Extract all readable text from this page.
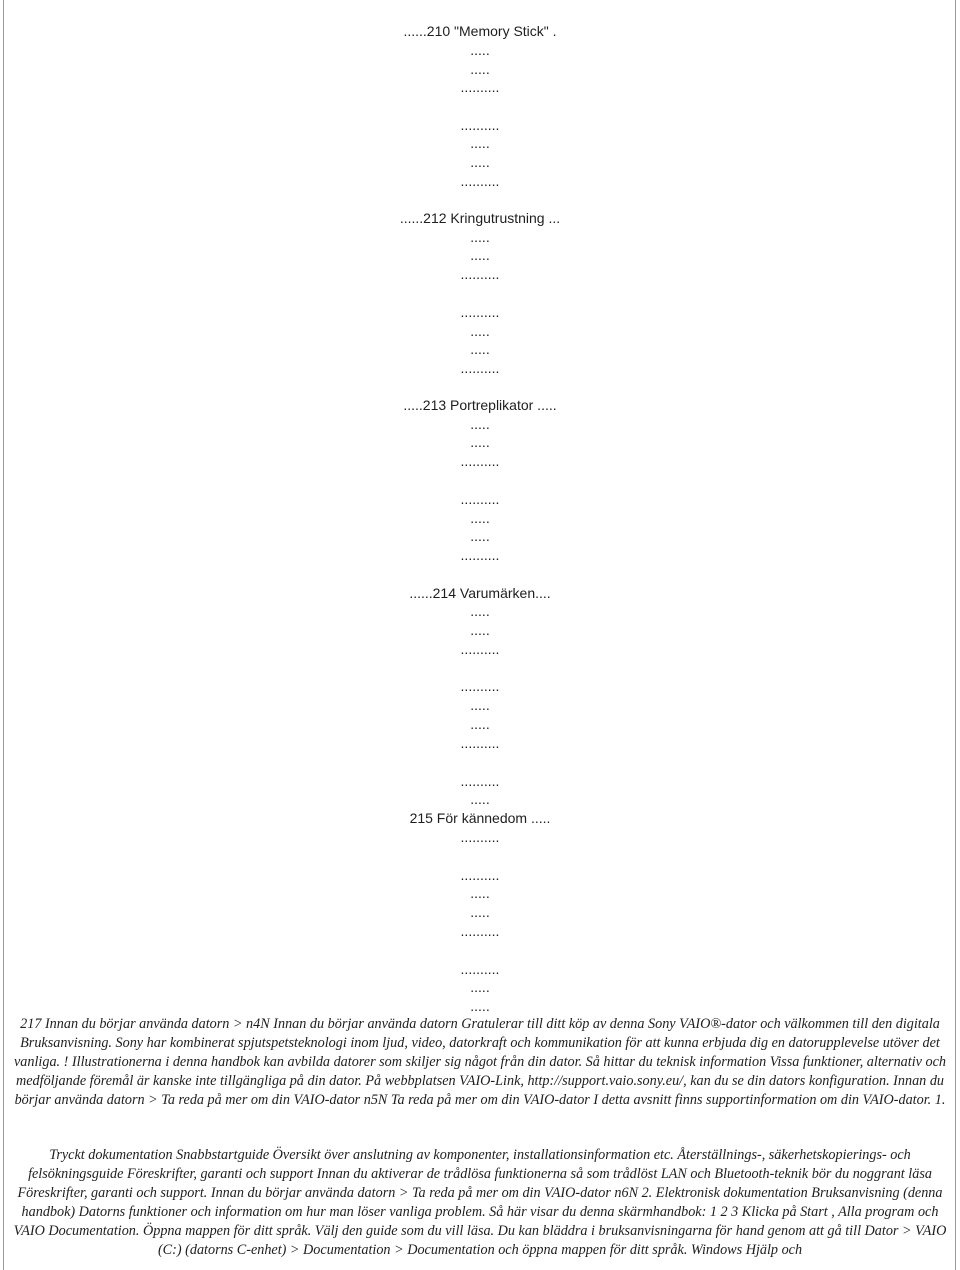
......210 "Memory Stick" .
.....
.....
..........
..........
.....
.....
..........
......212 Kringutrustning ...
.....
.....
..........
..........
.....
.....
..........
.....213 Portreplikator .....
.....
.....
..........
..........
.....
.....
..........
......214 Varumärken....
.....
.....
..........
..........
.....
.....
..........
..........
.....
215 För kännedom .....
..........
..........
.....
.....
..........
..........
.....
.....
217 Innan du börjar använda datorn > n4N Innan du börjar använda datorn Gratulerar till ditt köp av denna Sony VAIO®-dator och välkommen till den digitala Bruksanvisning. Sony har kombinerat spjutspetsteknologi inom ljud, video, datorkraft och kommunikation för att kunna erbjuda dig en datorupplevelse utöver det vanliga. ! Illustrationerna i denna handbok kan avbilda datorer som skiljer sig något från din dator. Så hittar du teknisk information Vissa funktioner, alternativ och medföljande föremål är kanske inte tillgängliga på din dator. På webbplatsen VAIO-Link, http://support.vaio.sony.eu/, kan du se din dators konfiguration. Innan du börjar använda datorn > Ta reda på mer om din VAIO-dator n5N Ta reda på mer om din VAIO-dator I detta avsnitt finns supportinformation om din VAIO-dator. 1.
Tryckt dokumentation Snabbstartguide Översikt över anslutning av komponenter, installationsinformation etc. Återställnings-, säkerhetskopierings- och felsökningsguide Föreskrifter, garanti och support Innan du aktiverar de trådlösa funktionerna så som trådlöst LAN och Bluetooth-teknik bör du noggrant läsa Föreskrifter, garanti och support. Innan du börjar använda datorn > Ta reda på mer om din VAIO-dator n6N 2. Elektronisk dokumentation Bruksanvisning (denna handbok) Datorns funktioner och information om hur man löser vanliga problem. Så här visar du denna skärmhandbok: 1 2 3 Klicka på Start , Alla program och VAIO Documentation. Öppna mappen för ditt språk. Välj den guide som du vill läsa. Du kan bläddra i bruksanvisningarna för hand genom att gå till Dator > VAIO (C:) (datorns C-enhet) > Documentation > Documentation och öppna mappen för ditt språk. Windows Hjälp och
